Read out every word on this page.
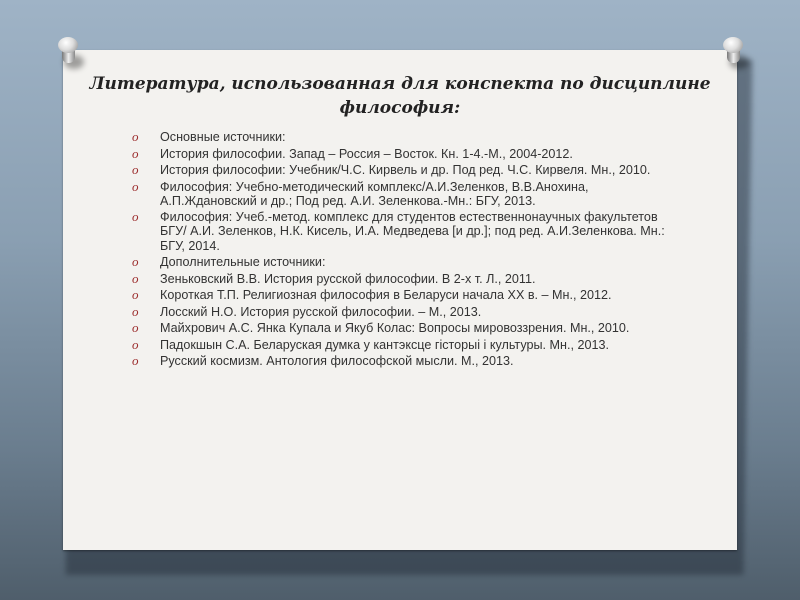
Литература, использованная для конспекта по дисциплине философия:
o Основные источники:
o История философии. Запад – Россия – Восток. Кн. 1-4.-М., 2004-2012.
o История философии: Учебник/Ч.С. Кирвель и др. Под ред. Ч.С. Кирвеля. Мн., 2010.
o Философия: Учебно-методический комплекс/А.И.Зеленков, В.В.Анохина, А.П.Ждановский и др.; Под ред. А.И. Зеленкова.-Мн.: БГУ, 2013.
o Философия: Учеб.-метод. комплекс для студентов естественнонаучных факультетов БГУ/ А.И. Зеленков, Н.К. Кисель, И.А. Медведева [и др.]; под ред. А.И.Зеленкова. Мн.: БГУ, 2014.
o Дополнительные источники:
o Зеньковский В.В. История русской философии. В 2-х т. Л., 2011.
o Короткая Т.П. Религиозная философия в Беларуси начала XX в. – Мн., 2012.
o Лосский Н.О. История русской философии. – М., 2013.
o Майхрович А.С. Янка Купала и Якуб Колас: Вопросы мировоззрения. Мн., 2010.
o Падокшын С.А. Беларуская думка у кантэксце гісторыі і культуры. Мн., 2013.
o Русский космизм. Антология философской мысли. М., 2013.
